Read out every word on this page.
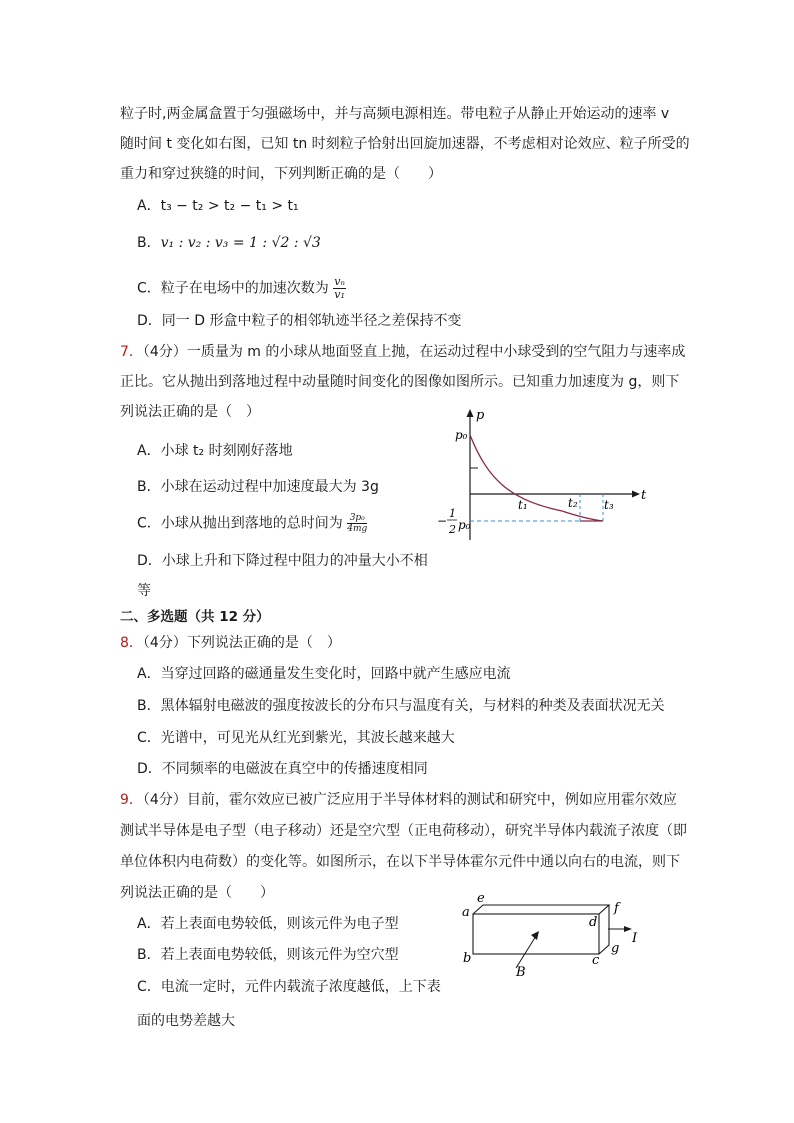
粒子时,两金属盒置于匀强磁场中，并与高频电源相连。带电粒子从静止开始运动的速率 v
随时间 t 变化如右图，已知 tn 时刻粒子恰射出回旋加速器，不考虑相对论效应、粒子所受的
重力和穿过狭缝的时间，下列判断正确的是（　　）
A．t₃ − t₂ > t₂ − t₁ > t₁
B．v₁ : v₂ : v₃ = 1 : √2 : √3
C．粒子在电场中的加速次数为 $\frac{\text{vₙ}}{\text{v₁}}$
D．同一 D 形盒中粒子的相邻轨迹半径之差保持不变
7．（4分）一质量为 m 的小球从地面竖直上抛，在运动过程中小球受到的空气阻力与速率成
正比。它从抛出到落地过程中动量随时间变化的图像如图所示。已知重力加速度为 g，则下
列说法正确的是（　）
A．小球 t₂ 时刻刚好落地
B．小球在运动过程中加速度最大为 3g
C．小球从抛出到落地的总时间为 $\frac{\text{3p₀}}{4mg}$
D．小球上升和下降过程中阻力的冲量大小不相
等
p
t
p₀
t₁	t₂ t₃
−
1
2 p₀
二、多选题（共 12 分）
8．（4分）下列说法正确的是（　）
A．当穿过回路的磁通量发生变化时，回路中就产生感应电流
B．黑体辐射电磁波的强度按波长的分布只与温度有关，与材料的种类及表面状况无关
C．光谱中，可见光从红光到紫光，其波长越来越大
D．不同频率的电磁波在真空中的传播速度相同
9．（4分）目前，霍尔效应已被广泛应用于半导体材料的测试和研究中，例如应用霍尔效应
测试半导体是电子型（电子移动）还是空穴型（正电荷移动），研究半导体内载流子浓度（即
单位体积内电荷数）的变化等。如图所示，在以下半导体霍尔元件中通以向右的电流，则下
列说法正确的是（　　）
A．若上表面电势较低，则该元件为电子型
B．若上表面电势较低，则该元件为空穴型
C．电流一定时，元件内载流子浓度越低，上下表
面的电势差越大
a
b	c
d
e
f
g
I
B
